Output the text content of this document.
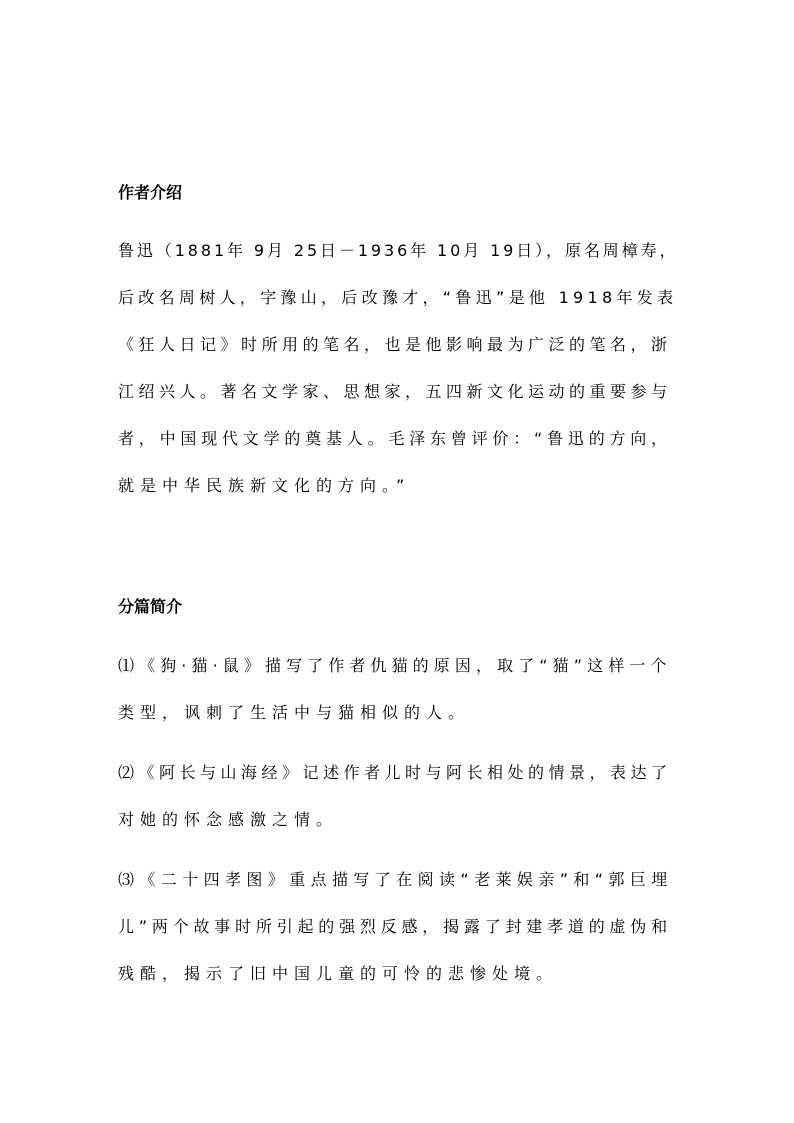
作者介绍
鲁迅（1881年 9月 25日－1936年 10月 19日），原名周樟寿，
后改名周树人，字豫山，后改豫才，“鲁迅”是他 1918年发表
《狂人日记》时所用的笔名，也是他影响最为广泛的笔名，浙
江绍兴人。著名文学家、思想家，五四新文化运动的重要参与
者，中国现代文学的奠基人。毛泽东曾评价：“鲁迅的方向，
就是中华民族新文化的方向。”
分篇简介
⑴《狗·猫·鼠》描写了作者仇猫的原因，取了“猫”这样一个
类型，讽刺了生活中与猫相似的人。
⑵《阿长与山海经》记述作者儿时与阿长相处的情景，表达了
对她的怀念感激之情。
⑶《二十四孝图》重点描写了在阅读“老莱娱亲”和“郭巨埋
儿”两个故事时所引起的强烈反感，揭露了封建孝道的虚伪和
残酷，揭示了旧中国儿童的可怜的悲惨处境。
